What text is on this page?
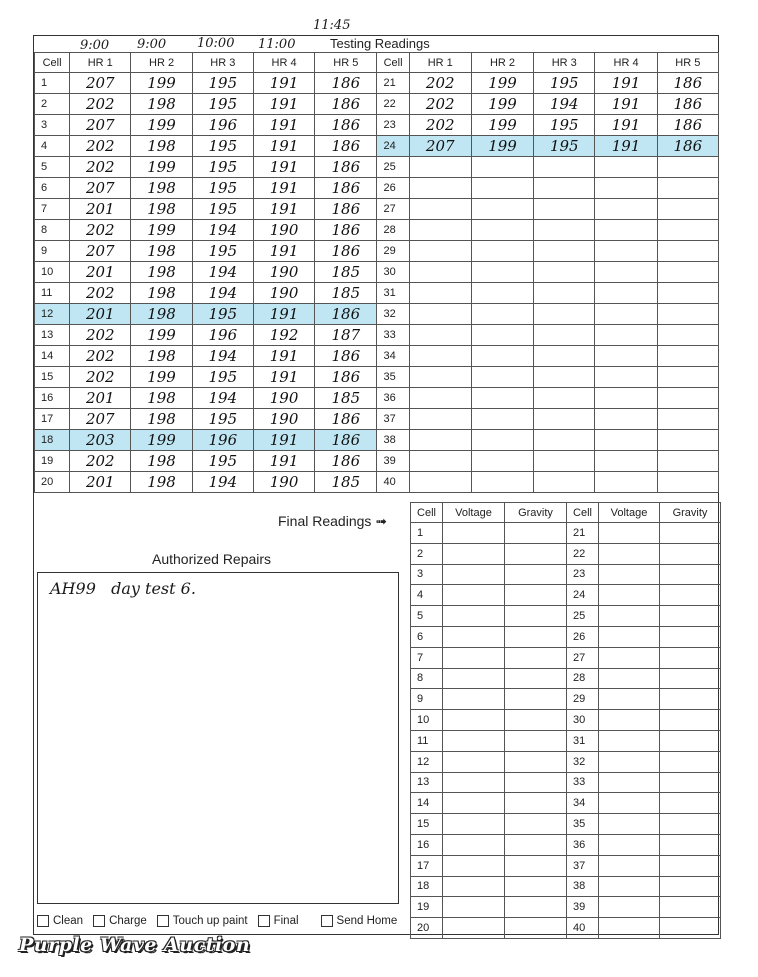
9:00 9:00 10:00 11:00
11:45
Testing Readings
Cell	HR 1	HR 2	HR 3	HR 4	HR 5	Cell	HR 1	HR 2	HR 3	HR 4	HR 5
1	207	199	195	191	186	21	202	199	195	191	186
2	202	198	195	191	186	22	202	199	194	191	186
3	207	199	196	191	186	23	202	199	195	191	186
4	202	198	195	191	186	24	207	199	195	191	186
5	202	199	195	191	186	25					
6	207	198	195	191	186	26					
7	201	198	195	191	186	27					
8	202	199	194	190	186	28					
9	207	198	195	191	186	29					
10	201	198	194	190	185	30					
11	202	198	194	190	185	31					
12	201	198	195	191	186	32					
13	202	199	196	192	187	33					
14	202	198	194	191	186	34					
15	202	199	195	191	186	35					
16	201	198	194	190	185	36					
17	207	198	195	190	186	37					
18	203	199	196	191	186	38					
19	202	198	195	191	186	39					
20	201	198	194	190	185	40					
Final Readings ➟
Cell	Voltage	Gravity	Cell	Voltage	Gravity
1			21		
2			22		
3			23		
4			24		
5			25		
6			26		
7			27		
8			28		
9			29		
10			30		
11			31		
12			32		
13			33		
14			34		
15			35		
16			36		
17			37		
18			38		
19			39		
20			40		
Authorized Repairs
AH99   day test 6.
Clean Charge Touch up paint Final	Send Home
Purple Wave Auction
